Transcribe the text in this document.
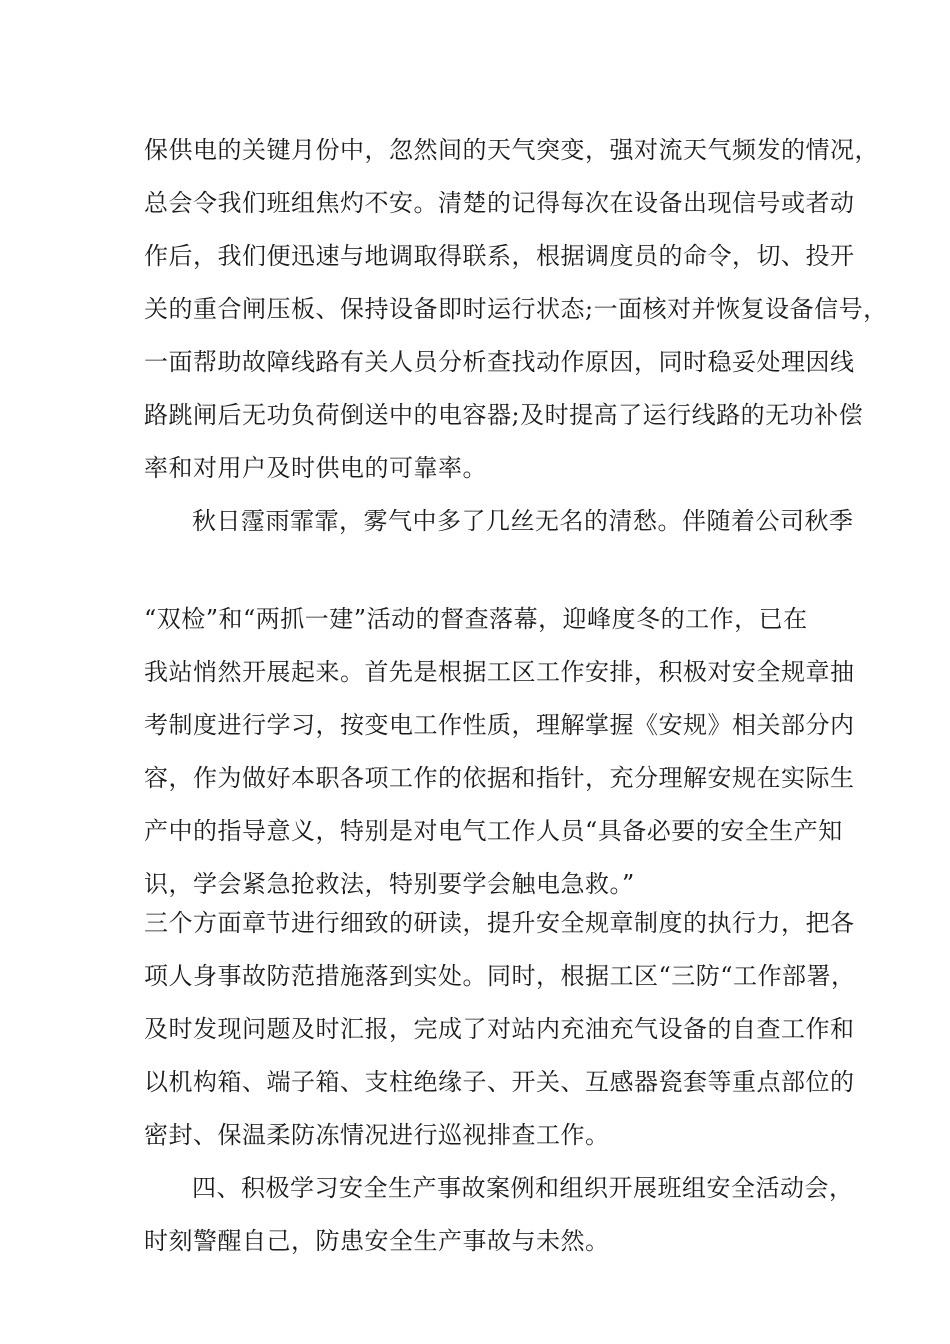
保供电的关键月份中，忽然间的天气突变，强对流天气频发的情况，
总会令我们班组焦灼不安。清楚的记得每次在设备出现信号或者动
作后，我们便迅速与地调取得联系，根据调度员的命令，切、投开
关的重合闸压板、保持设备即时运行状态;一面核对并恢复设备信号，
一面帮助故障线路有关人员分析查找动作原因，同时稳妥处理因线
路跳闸后无功负荷倒送中的电容器;及时提高了运行线路的无功补偿
率和对用户及时供电的可靠率。
秋日霪雨霏霏，雾气中多了几丝无名的清愁。伴随着公司秋季
“双检”和“两抓一建”活动的督查落幕，迎峰度冬的工作，已在
我站悄然开展起来。首先是根据工区工作安排，积极对安全规章抽
考制度进行学习，按变电工作性质，理解掌握《安规》相关部分内
容，作为做好本职各项工作的依据和指针，充分理解安规在实际生
产中的指导意义，特别是对电气工作人员“具备必要的安全生产知
识，学会紧急抢救法，特别要学会触电急救。”
三个方面章节进行细致的研读，提升安全规章制度的执行力，把各
项人身事故防范措施落到实处。同时，根据工区“三防“工作部署，
及时发现问题及时汇报，完成了对站内充油充气设备的自查工作和
以机构箱、端子箱、支柱绝缘子、开关、互感器瓷套等重点部位的
密封、保温柔防冻情况进行巡视排查工作。
四、积极学习安全生产事故案例和组织开展班组安全活动会，
时刻警醒自己，防患安全生产事故与未然。
